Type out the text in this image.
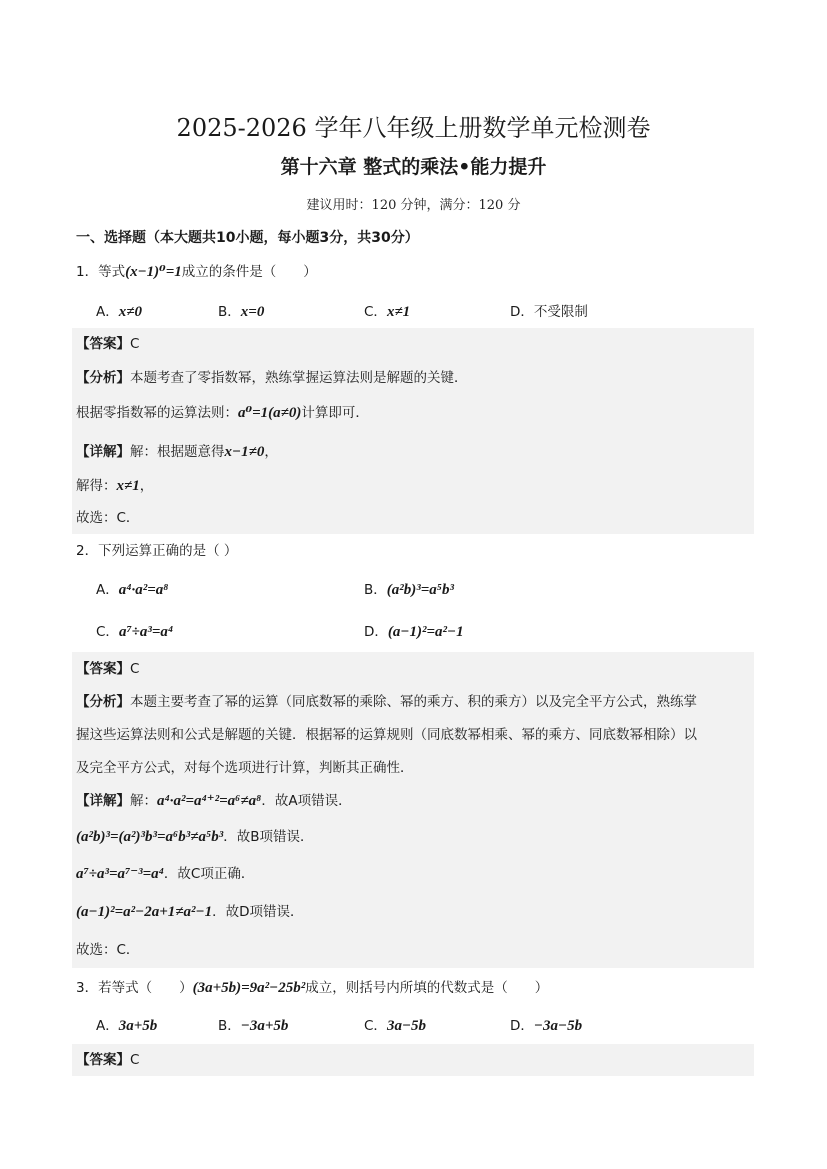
2025-2026 学年八年级上册数学单元检测卷
第十六章 整式的乘法•能力提升
建议用时：120 分钟，满分：120 分
一、选择题（本大题共10小题，每小题3分，共30分）
1．等式(x−1)⁰=1成立的条件是（　　）
A．x≠0	B．x=0	C．x≠1	D．不受限制
【答案】C
【分析】本题考查了零指数幂，熟练掌握运算法则是解题的关键．
根据零指数幂的运算法则：a⁰=1(a≠0)计算即可．
【详解】解：根据题意得x−1≠0，
解得：x≠1，
故选：C．
2．下列运算正确的是（ ）
A．a⁴·a²=a⁸	B．(a²b)³=a⁵b³
C．a⁷÷a³=a⁴	D．(a−1)²=a²−1
【答案】C
【分析】本题主要考查了幂的运算（同底数幂的乘除、幂的乘方、积的乘方）以及完全平方公式，熟练掌
握这些运算法则和公式是解题的关键．根据幂的运算规则（同底数幂相乘、幂的乘方、同底数幂相除）以
及完全平方公式，对每个选项进行计算，判断其正确性．
【详解】解：a⁴·a²=a⁴⁺²=a⁶≠a⁸．故A项错误．
(a²b)³=(a²)³b³=a⁶b³≠a⁵b³．故B项错误．
a⁷÷a³=a⁷⁻³=a⁴．故C项正确．
(a−1)²=a²−2a+1≠a²−1．故D项错误．
故选：C．
3．若等式（　　）(3a+5b)=9a²−25b²成立，则括号内所填的代数式是（　　）
A．3a+5b	B．−3a+5b	C．3a−5b	D．−3a−5b
【答案】C
